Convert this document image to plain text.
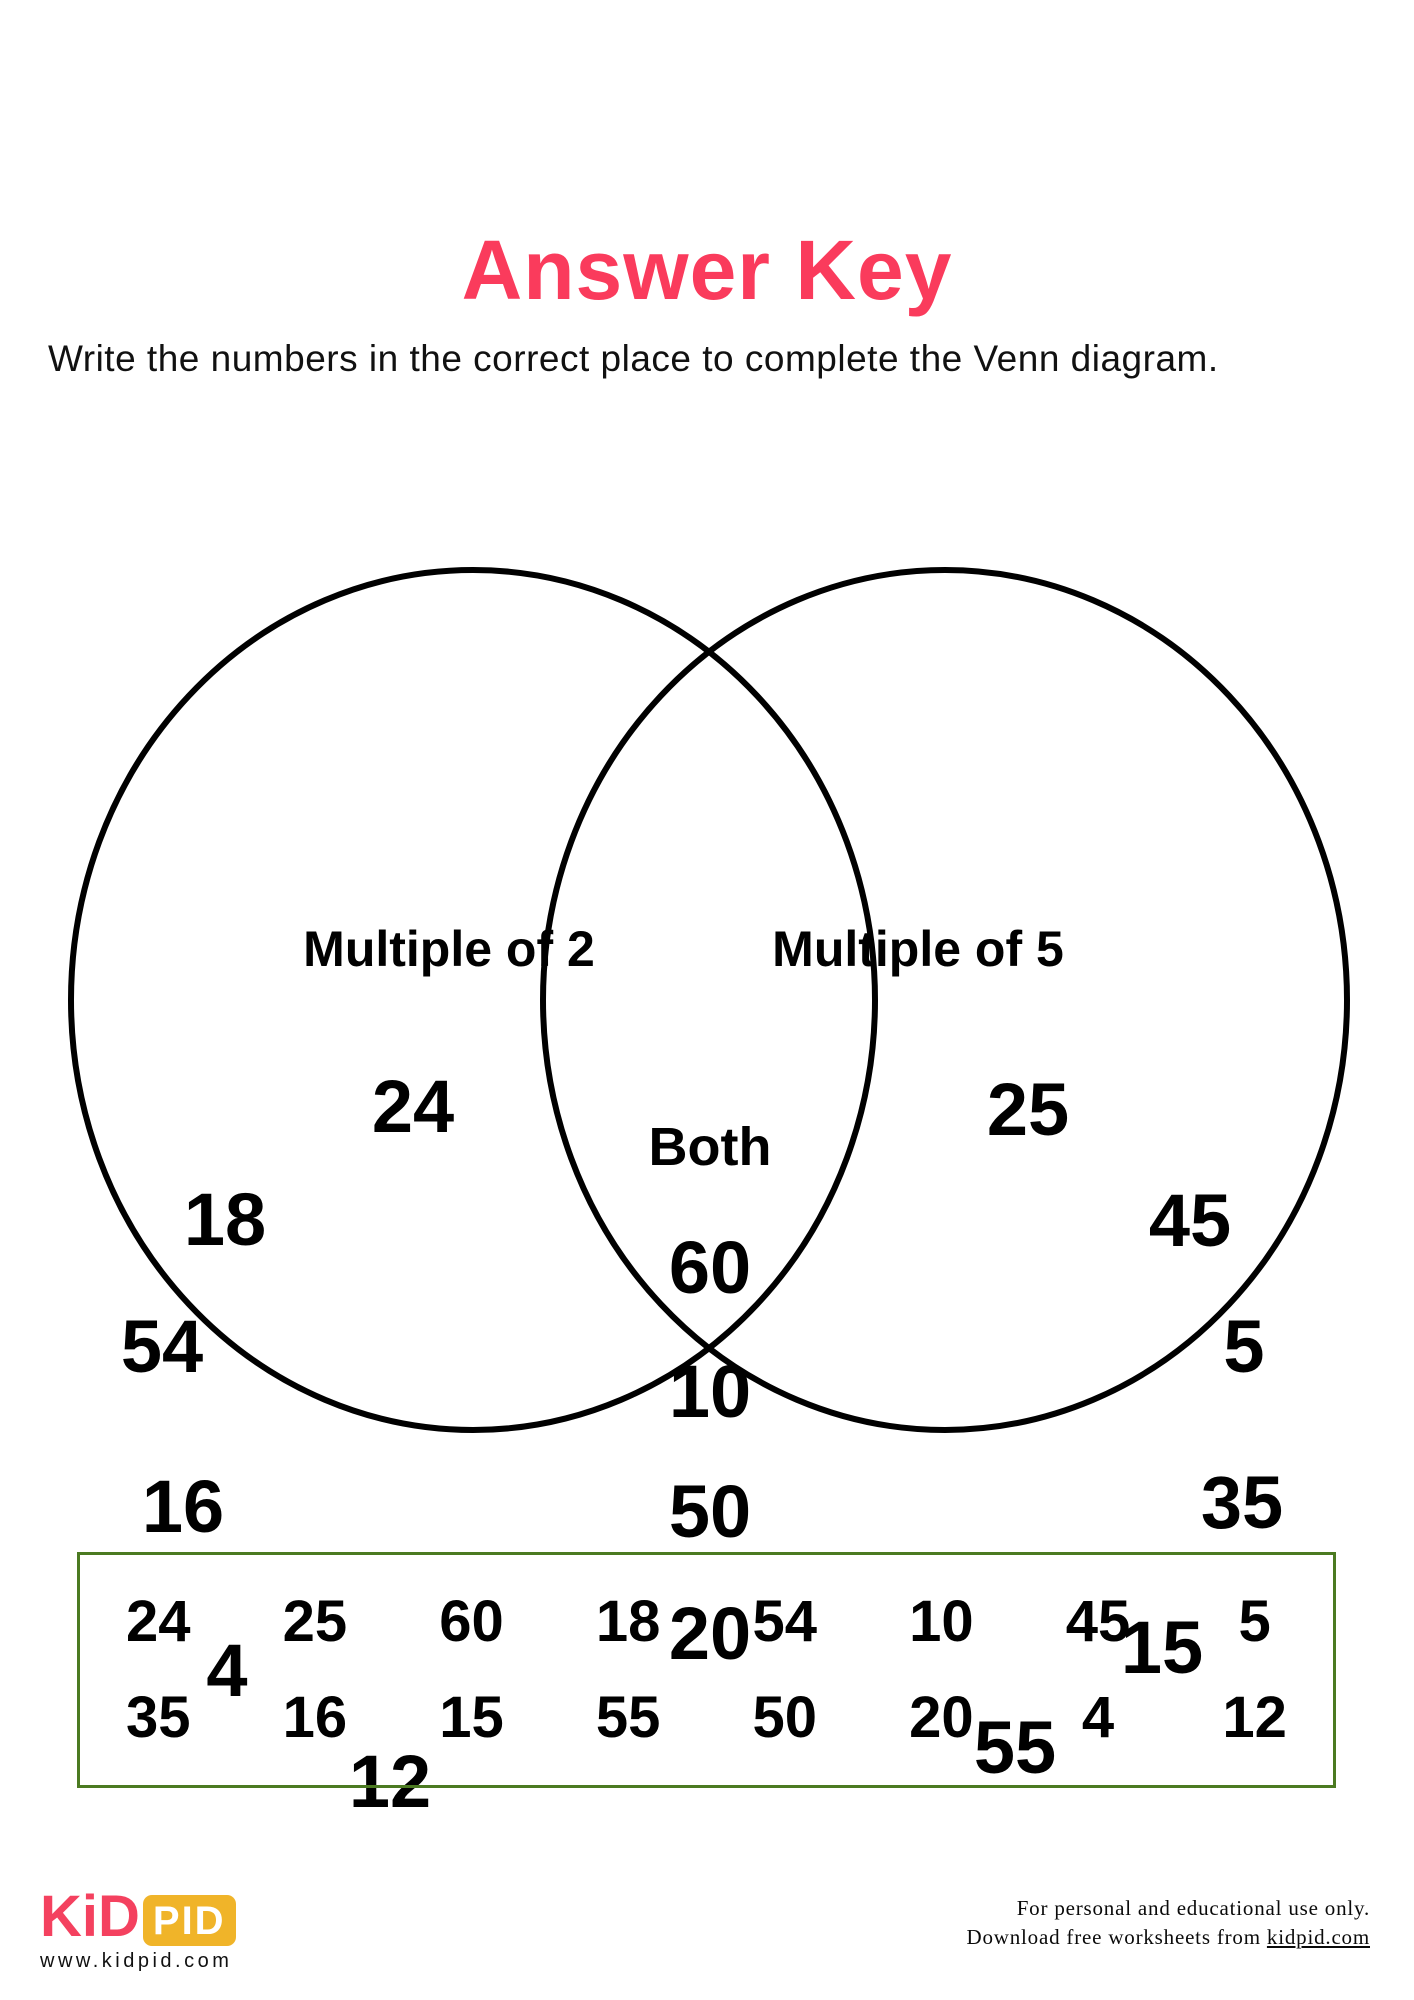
Answer Key

Write the numbers in the correct place to complete the Venn diagram.

Multiple of 2	Multiple of 5
Both
24
18
54
16
4
12
60
10
50
20
25
45
5
35
15
55
24	25	60	18	54	10	45	5
35	16	15	55	50	20	4	12
KiD PID
www.kidpid.com
For personal and educational use only.
Download free worksheets from kidpid.com
